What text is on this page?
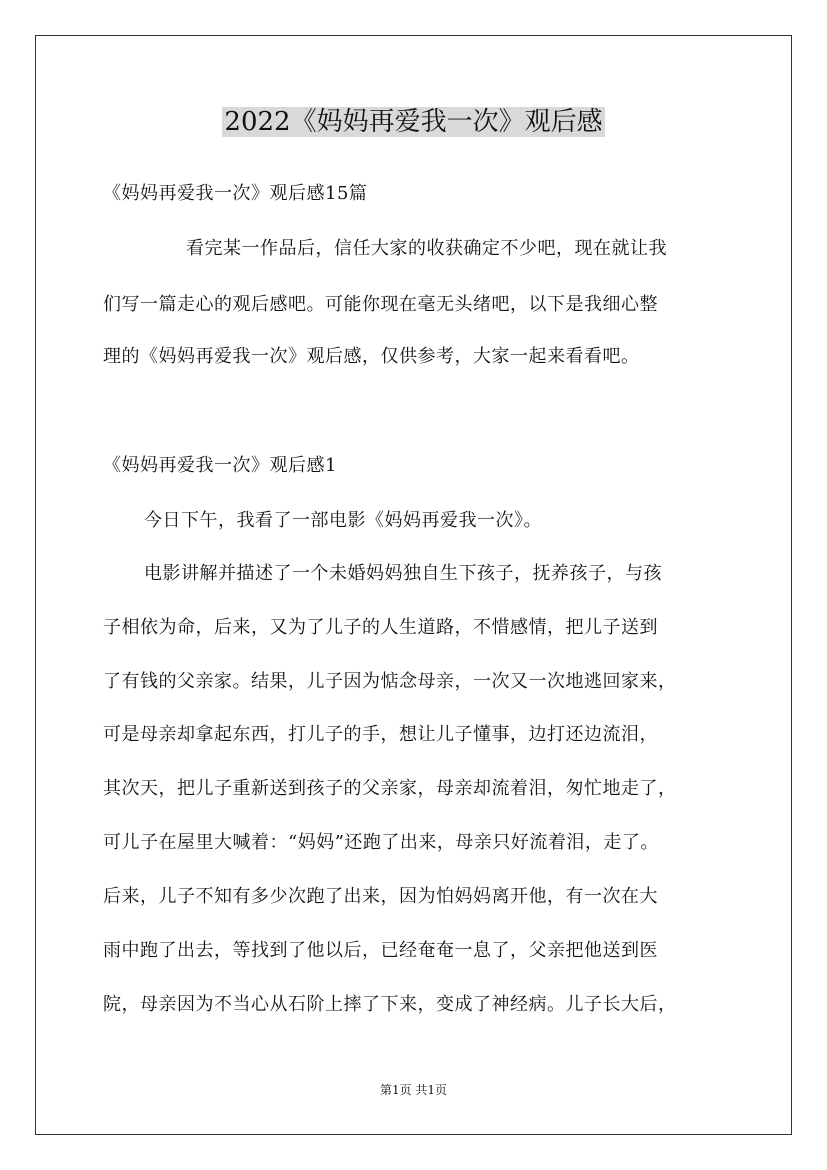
2022《妈妈再爱我一次》观后感
《妈妈再爱我一次》观后感15篇
看完某一作品后，信任大家的收获确定不少吧，现在就让我
们写一篇走心的观后感吧。可能你现在毫无头绪吧，以下是我细心整
理的《妈妈再爱我一次》观后感，仅供参考，大家一起来看看吧。
《妈妈再爱我一次》观后感1
今日下午，我看了一部电影《妈妈再爱我一次》。
电影讲解并描述了一个未婚妈妈独自生下孩子，抚养孩子，与孩
子相依为命，后来，又为了儿子的人生道路，不惜感情，把儿子送到
了有钱的父亲家。结果，儿子因为惦念母亲，一次又一次地逃回家来，
可是母亲却拿起东西，打儿子的手，想让儿子懂事，边打还边流泪，
其次天，把儿子重新送到孩子的父亲家，母亲却流着泪，匆忙地走了，
可儿子在屋里大喊着：“妈妈”还跑了出来，母亲只好流着泪，走了。
后来，儿子不知有多少次跑了出来，因为怕妈妈离开他，有一次在大
雨中跑了出去，等找到了他以后，已经奄奄一息了，父亲把他送到医
院，母亲因为不当心从石阶上摔了下来，变成了神经病。儿子长大后，
第1页 共1页
